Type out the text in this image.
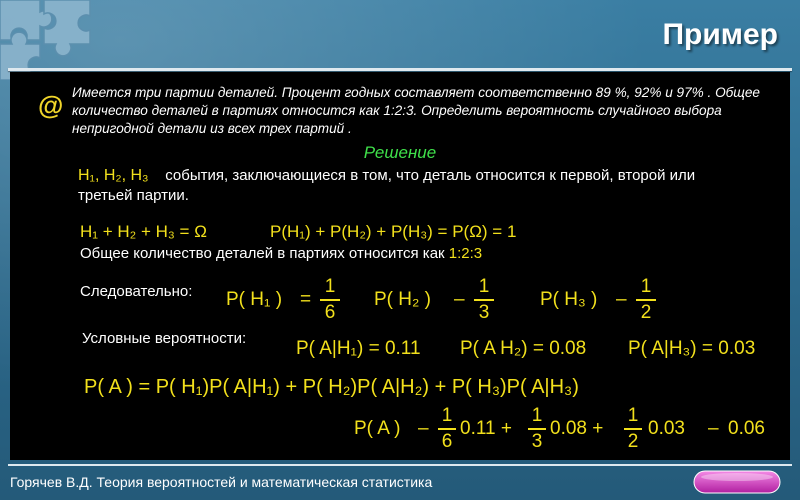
Пример
@ Имеется три партии деталей. Процент годных составляет соответственно 89 %, 92% и 97% . Общее количество деталей в партиях относится как 1:2:3. Определить вероятность случайного выбора непригодной детали из всех трех партий .
Решение
H₁, H₂, H₃ события, заключающиеся в том, что деталь относится к первой, второй или третьей партии.
H₁ + H₂ + H₃ = Ω	P(H₁) + P(H₂) + P(H₃) = P(Ω) = 1
Общее количество деталей в партиях относится как 1:2:3
Следовательно: P( H₁ ) =
1
6
P( H₂ ) –
1
3
P( H₃ ) –
1
2
Условные вероятности:	P( A|H₁) = 0.11 P( A H₂) = 0.08 P( A|H₃) = 0.03
P( A ) = P( H₁)P( A|H₁) + P( H₂)P( A|H₂) + P( H₃)P( A|H₃)
P( A ) –
1
6
0.11 +
1
3
0.08 +
1
2
0.03 – 0.06
Горячев В.Д. Теория вероятностей и математическая статистика
